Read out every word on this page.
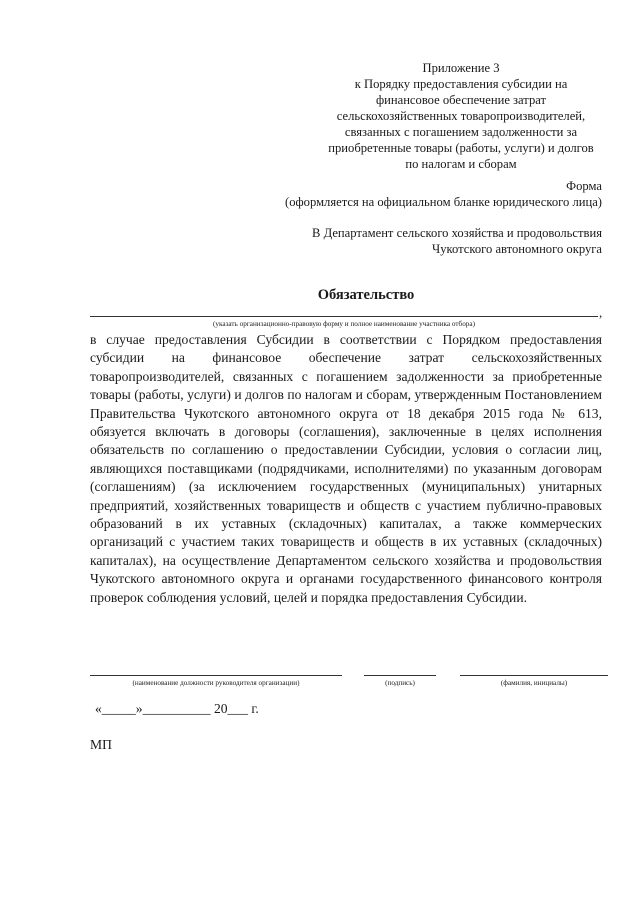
Приложение 3
к Порядку предоставления субсидии на
финансовое обеспечение затрат
сельскохозяйственных товаропроизводителей,
связанных с погашением задолженности за
приобретенные товары (работы, услуги) и долгов
по налогам и сборам
Форма
(оформляется на официальном бланке юридического лица)
В Департамент сельского хозяйства и продовольствия
Чукотского автономного округа
Обязательство
,
(указать организационно-правовую форму и полное наименование участника отбора)
в случае предоставления Субсидии в соответствии с Порядком предоставления субсидии на финансовое обеспечение затрат сельскохозяйственных товаропроизводителей, связанных с погашением задолженности за приобретенные товары (работы, услуги) и долгов по налогам и сборам, утвержденным Постановлением Правительства Чукотского автономного округа от 18 декабря 2015 года № 613, обязуется включать в договоры (соглашения), заключенные в целях исполнения обязательств по соглашению о предоставлении Субсидии, условия о согласии лиц, являющихся поставщиками (подрядчиками, исполнителями) по указанным договорам (соглашениям) (за исключением государственных (муниципальных) унитарных предприятий, хозяйственных товариществ и обществ с участием публично-правовых образований в их уставных (складочных) капиталах, а также коммерческих организаций с участием таких товариществ и обществ в их уставных (складочных) капиталах), на осуществление Департаментом сельского хозяйства и продовольствия Чукотского автономного округа и органами государственного финансового контроля проверок соблюдения условий, целей и порядка предоставления Субсидии.
(наименование должности руководителя организации)	(подпись)	(фамилия, инициалы)
«_____»__________ 20___ г.
МП
